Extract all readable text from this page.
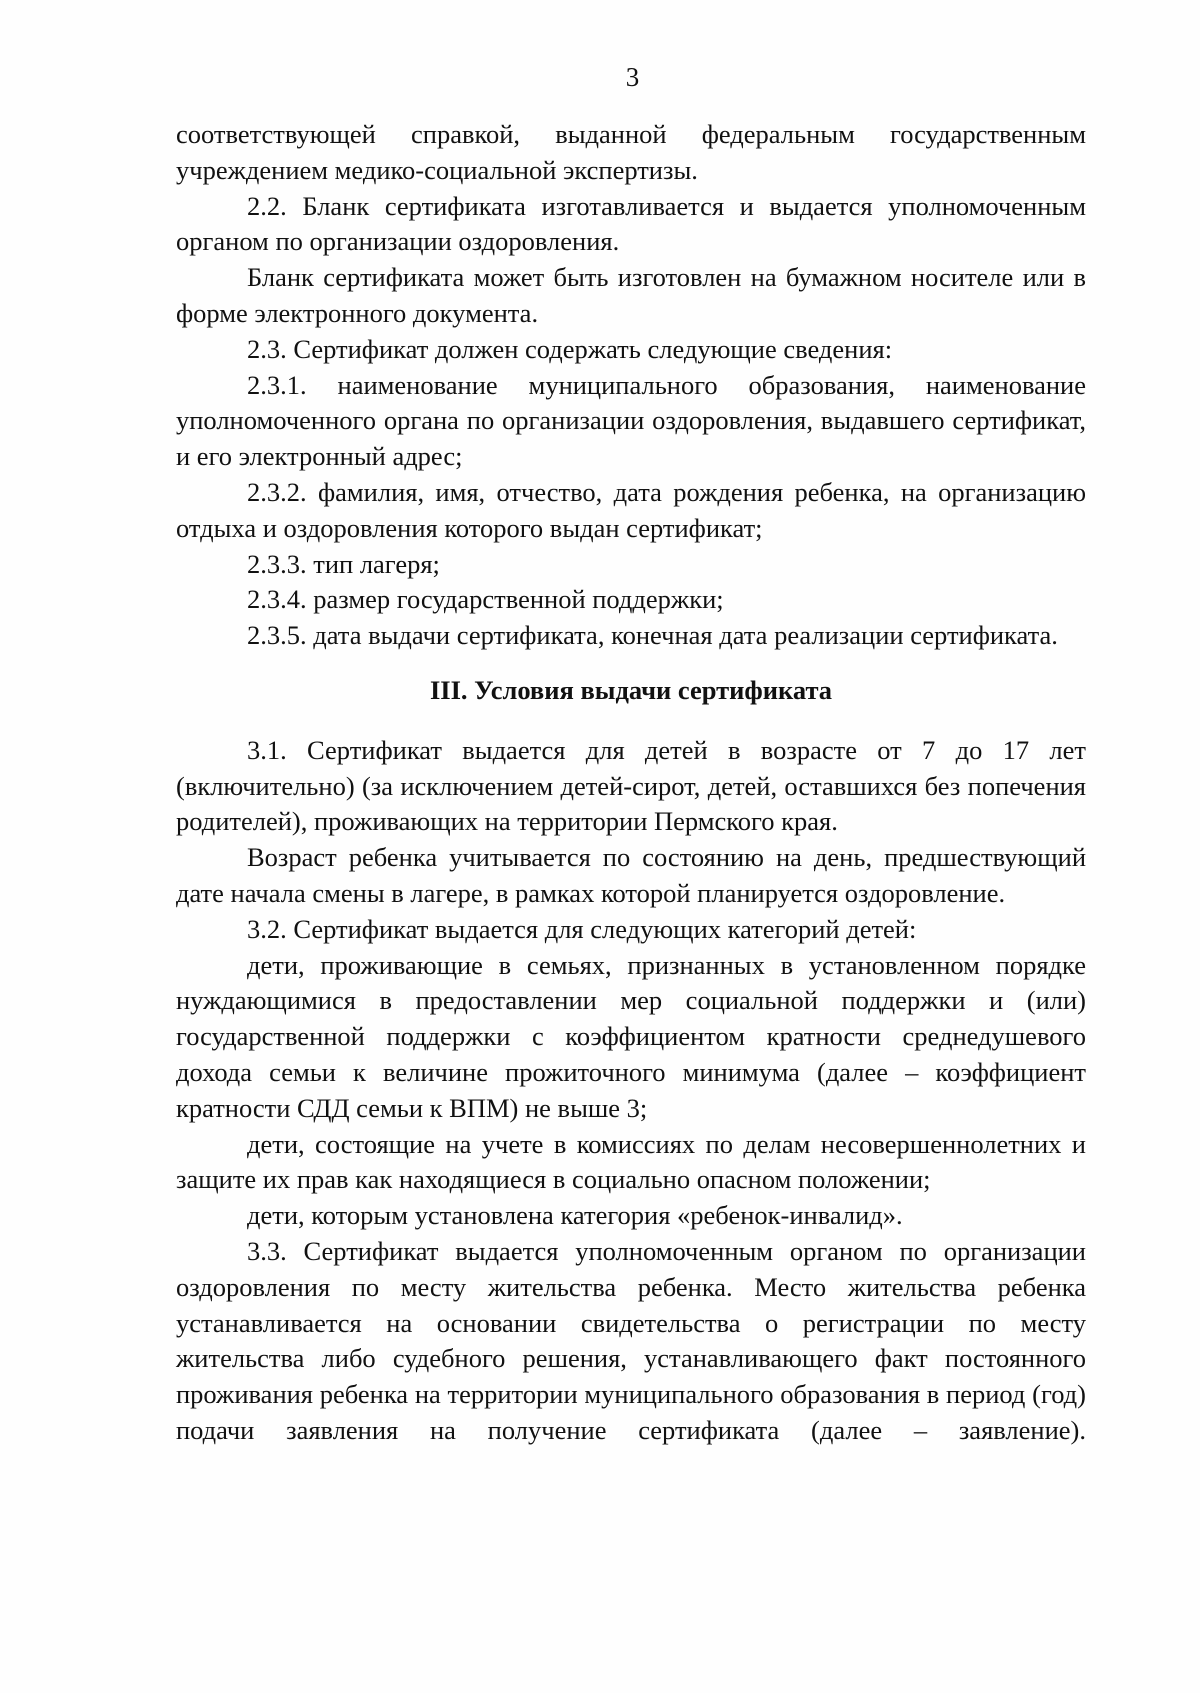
3

соответствующей справкой, выданной федеральным государственным учреждением медико-социальной экспертизы.

2.2. Бланк сертификата изготавливается и выдается уполномоченным органом по организации оздоровления.

Бланк сертификата может быть изготовлен на бумажном носителе или в форме электронного документа.

2.3. Сертификат должен содержать следующие сведения:

2.3.1. наименование муниципального образования, наименование уполномоченного органа по организации оздоровления, выдавшего сертификат, и его электронный адрес;

2.3.2. фамилия, имя, отчество, дата рождения ребенка, на организацию отдыха и оздоровления которого выдан сертификат;

2.3.3. тип лагеря;

2.3.4. размер государственной поддержки;

2.3.5. дата выдачи сертификата, конечная дата реализации сертификата.

III. Условия выдачи сертификата

3.1. Сертификат выдается для детей в возрасте от 7 до 17 лет (включительно) (за исключением детей-сирот, детей, оставшихся без попечения родителей), проживающих на территории Пермского края.

Возраст ребенка учитывается по состоянию на день, предшествующий дате начала смены в лагере, в рамках которой планируется оздоровление.

3.2. Сертификат выдается для следующих категорий детей:

дети, проживающие в семьях, признанных в установленном порядке нуждающимися в предоставлении мер социальной поддержки и (или) государственной поддержки с коэффициентом кратности среднедушевого дохода семьи к величине прожиточного минимума (далее – коэффициент кратности СДД семьи к ВПМ) не выше 3;

дети, состоящие на учете в комиссиях по делам несовершеннолетних и защите их прав как находящиеся в социально опасном положении;

дети, которым установлена категория «ребенок-инвалид».

3.3. Сертификат выдается уполномоченным органом по организации оздоровления по месту жительства ребенка. Место жительства ребенка устанавливается на основании свидетельства о регистрации по месту жительства либо судебного решения, устанавливающего факт постоянного проживания ребенка на территории муниципального образования в период (год) подачи заявления на получение сертификата (далее – заявление).
